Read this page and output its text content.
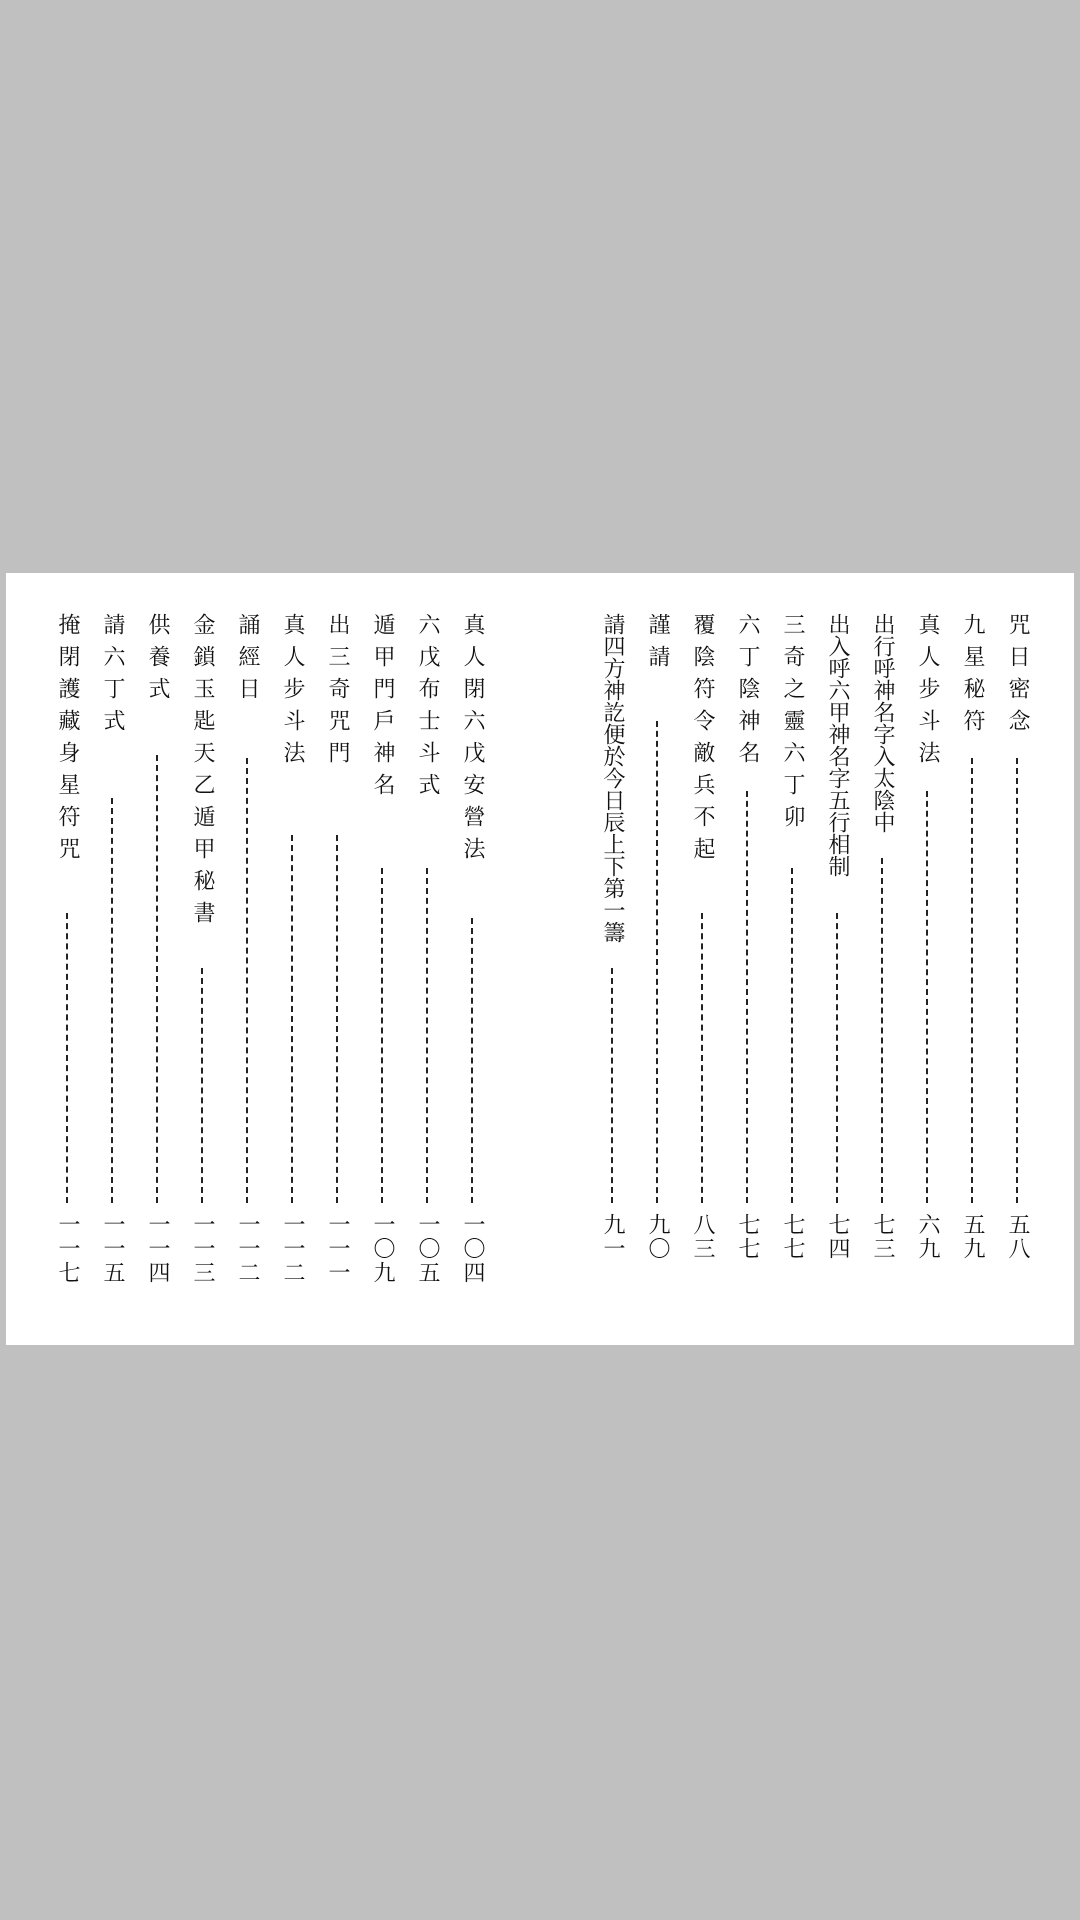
咒日密念
五八
九星秘符
五九
真人步斗法
六九
出行呼神名字入太陰中
七三
出入呼六甲神名字五行相制
七四
三奇之靈六丁卯
七七
六丁陰神名
七七
覆陰符令敵兵不起
八三
謹請
九〇
請四方神訖便於今日辰上下第一籌
九一
真人閉六戊安營法
一〇四
六戊布士斗式
一〇五
遁甲門戶神名
一〇九
出三奇咒門
一一一
真人步斗法
一一二
誦經日
一一二
金鎖玉匙天乙遁甲秘書
一一三
供養式
一一四
請六丁式
一一五
掩閉護藏身星符咒
一一七
